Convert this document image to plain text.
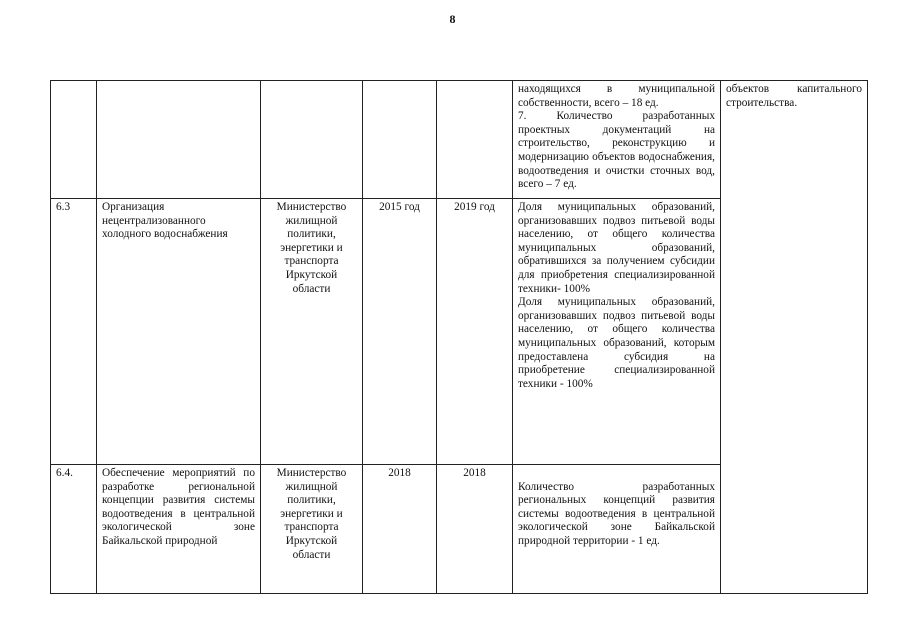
8

					находящихся в муниципальной собственности, всего – 18 ед.
7. Количество разработанных проектных документаций на строительство, реконструкцию и модернизацию объектов водоснабжения, водоотведения и очистки сточных вод, всего – 7 ед.	объектов капитального строительства.
6.3	Организация нецентрализованного холодного водоснабжения	Министерство жилищной политики, энергетики и транспорта Иркутской области	2015 год	2019 год	Доля муниципальных образований, организовавших подвоз питьевой воды населению, от общего количества муниципальных образований, обратившихся за получением субсидии для приобретения специализированной техники- 100%
Доля муниципальных образований, организовавших подвоз питьевой воды населению, от общего количества муниципальных образований, которым предоставлена субсидия на приобретение специализированной техники - 100%	

6.4.	Обеспечение мероприятий по разработке региональной концепции развития системы водоотведения в центральной экологической зоне Байкальской природной	Министерство жилищной политики, энергетики и транспорта Иркутской области	2018	2018	Количество разработанных региональных концепций развития системы водоотведения в центральной экологической зоне Байкальской природной территории - 1 ед.	
